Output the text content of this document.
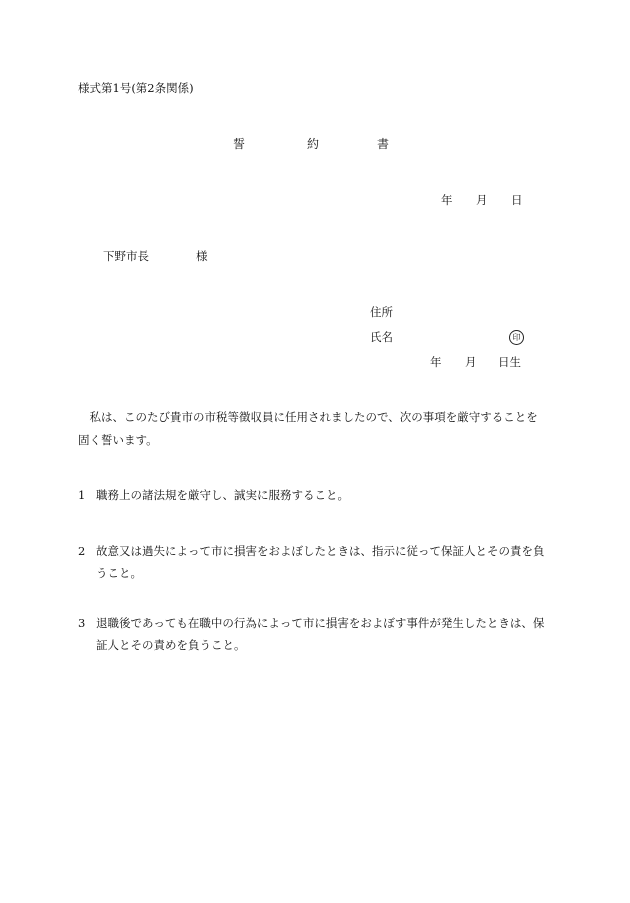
様式第1号(第2条関係)
誓	約	書
年 月 日
下野市長	様
住所
氏名	印
年 月 日生
　私は、このたび貴市の市税等徴収員に任用されましたので、次の事項を厳守することを固く誓います。
1 職務上の諸法規を厳守し、誠実に服務すること。
2 故意又は過失によって市に損害をおよぼしたときは、指示に従って保証人とその責を負うこと。
3 退職後であっても在職中の行為によって市に損害をおよぼす事件が発生したときは、保証人とその責めを負うこと。
